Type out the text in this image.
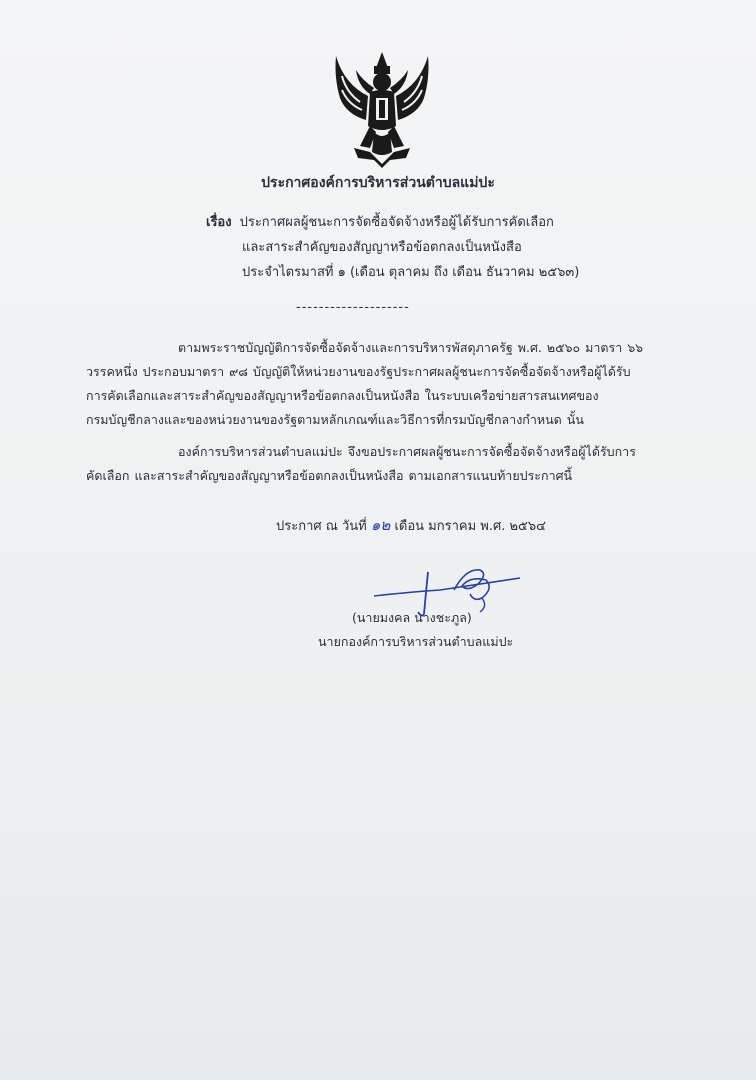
ประกาศองค์การบริหารส่วนตำบลแม่ปะ
เรื่อง ประกาศผลผู้ชนะการจัดซื้อจัดจ้างหรือผู้ได้รับการคัดเลือก
และสาระสำคัญของสัญญาหรือข้อตกลงเป็นหนังสือ
ประจำไตรมาสที่ ๑ (เดือน ตุลาคม ถึง เดือน ธันวาคม ๒๕๖๓)
--------------------
ตามพระราชบัญญัติการจัดซื้อจัดจ้างและการบริหารพัสดุภาครัฐ พ.ศ. ๒๕๖๐ มาตรา ๖๖
วรรคหนึ่ง ประกอบมาตรา ๙๘ บัญญัติให้หน่วยงานของรัฐประกาศผลผู้ชนะการจัดซื้อจัดจ้างหรือผู้ได้รับ
การคัดเลือกและสาระสำคัญของสัญญาหรือข้อตกลงเป็นหนังสือ ในระบบเครือข่ายสารสนเทศของ
กรมบัญชีกลางและของหน่วยงานของรัฐตามหลักเกณฑ์และวิธีการที่กรมบัญชีกลางกำหนด นั้น
องค์การบริหารส่วนตำบลแม่ปะ จึงขอประกาศผลผู้ชนะการจัดซื้อจัดจ้างหรือผู้ได้รับการ
คัดเลือก และสาระสำคัญของสัญญาหรือข้อตกลงเป็นหนังสือ ตามเอกสารแนบท้ายประกาศนี้
ประกาศ ณ วันที่ ๑๒ เดือน มกราคม พ.ศ. ๒๕๖๔
(นายมงคล นางชะภูล)
นายกองค์การบริหารส่วนตำบลแม่ปะ
